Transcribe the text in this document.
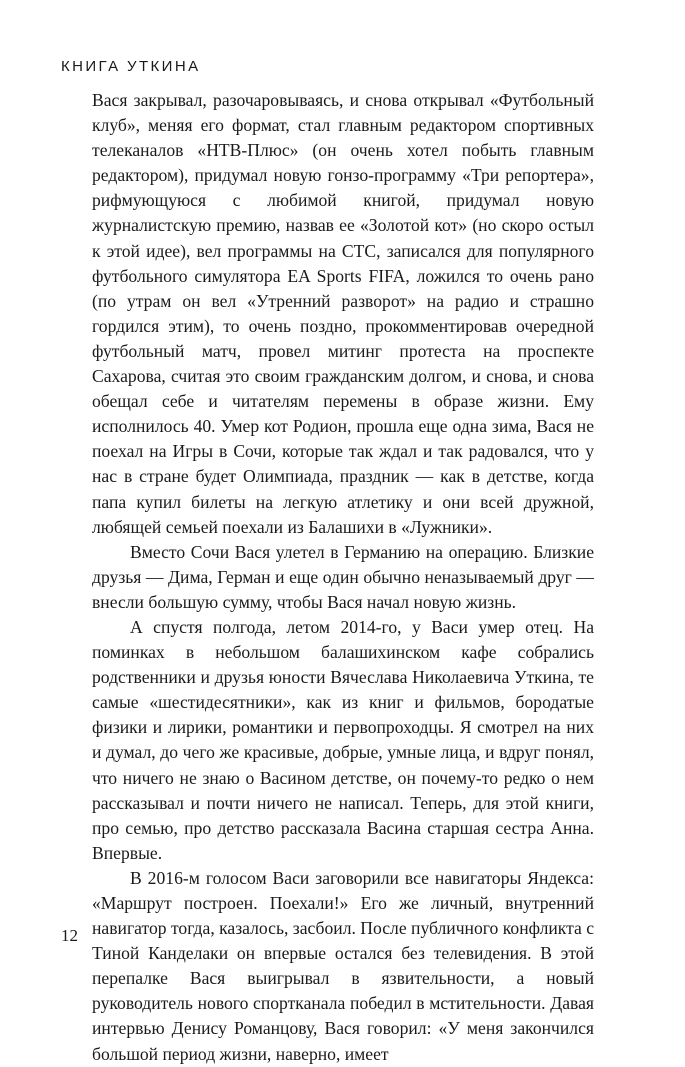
КНИГА УТКИНА

Вася закрывал, разочаровываясь, и снова открывал «Футбольный клуб», меняя его формат, стал главным редактором спортивных телеканалов «НТВ-Плюс» (он очень хотел побыть главным редактором), придумал новую гонзо-программу «Три репортера», рифмующуюся с любимой книгой, придумал новую журналистскую премию, назвав ее «Золотой кот» (но скоро остыл к этой идее), вел программы на СТС, записался для популярного футбольного симулятора EA Sports FIFA, ложился то очень рано (по утрам он вел «Утренний разворот» на радио и страшно гордился этим), то очень поздно, прокомментировав очередной футбольный матч, провел митинг протеста на проспекте Сахарова, считая это своим гражданским долгом, и снова, и снова обещал себе и читателям перемены в образе жизни. Ему исполнилось 40. Умер кот Родион, прошла еще одна зима, Вася не поехал на Игры в Сочи, которые так ждал и так радовался, что у нас в стране будет Олимпиада, праздник — как в детстве, когда папа купил билеты на легкую атлетику и они всей дружной, любящей семьей поехали из Балашихи в «Лужники».

Вместо Сочи Вася улетел в Германию на операцию. Близкие друзья — Дима, Герман и еще один обычно неназываемый друг — внесли большую сумму, чтобы Вася начал новую жизнь.

А спустя полгода, летом 2014-го, у Васи умер отец. На поминках в небольшом балашихинском кафе собрались родственники и друзья юности Вячеслава Николаевича Уткина, те самые «шестидесятники», как из книг и фильмов, бородатые физики и лирики, романтики и первопроходцы. Я смотрел на них и думал, до чего же красивые, добрые, умные лица, и вдруг понял, что ничего не знаю о Васином детстве, он почему-то редко о нем рассказывал и почти ничего не написал. Теперь, для этой книги, про семью, про детство рассказала Васина старшая сестра Анна. Впервые.

В 2016-м голосом Васи заговорили все навигаторы Яндекса: «Маршрут построен. Поехали!» Его же личный, внутренний навигатор тогда, казалось, засбоил. После публичного конфликта с Тиной Канделаки он впервые остался без телевидения. В этой перепалке Вася выигрывал в язвительности, а новый руководитель нового спортканала победил в мстительности. Давая интервью Денису Романцову, Вася говорил: «У меня закончился большой период жизни, наверно, имеет

12
